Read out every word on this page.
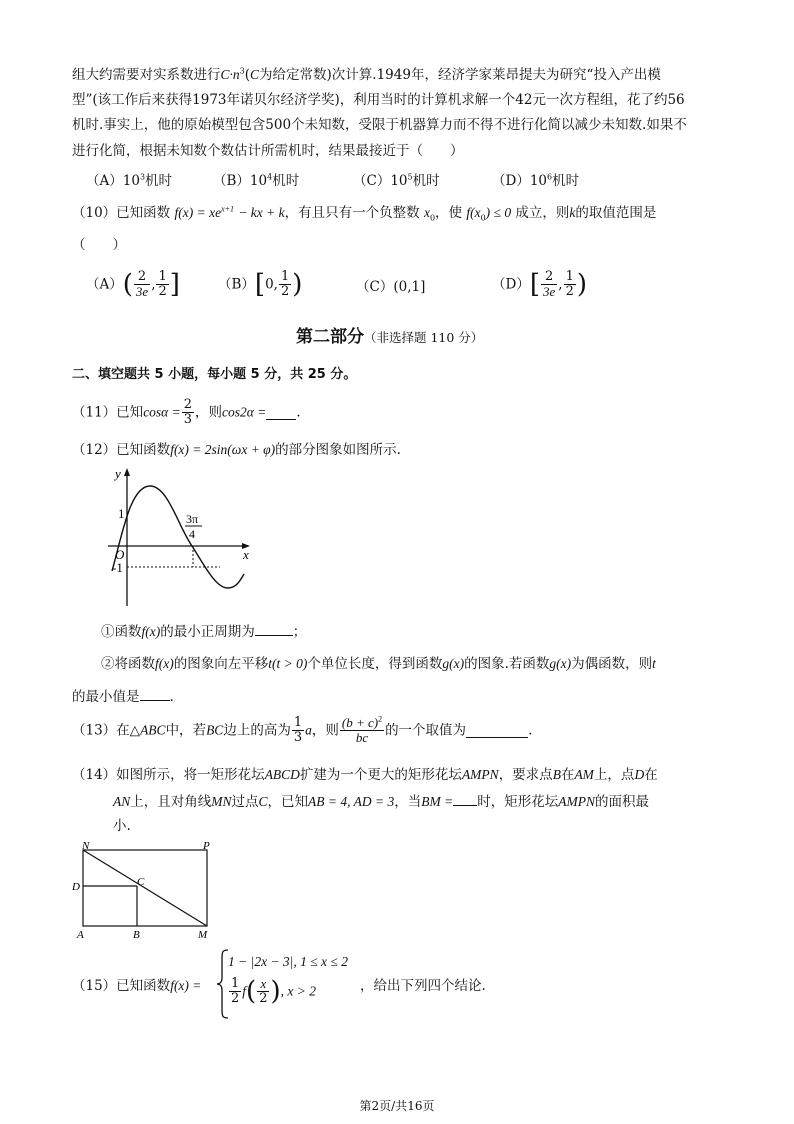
组大约需要对实系数进行$C\cdot n^3(C$为给定常数)次计算.1949年，经济学家莱昂提夫为研究“投入产出模
型”(该工作后来获得1973年诺贝尔经济学奖)，利用当时的计算机求解一个42元一次方程组，花了约56
机时.事实上，他的原始模型包含500个未知数，受限于机器算力而不得不进行化简以减少未知数.如果不
进行化简，根据未知数个数估计所需机时，结果最接近于（　　）
$(A)10^3$机时	$(B)10^4$机时	$(C)10^5$机时	$(D)10^6$机时
（10）已知函数 $f(x) = xe^{x+1}$ − kx + k，有且只有一个负整数 $x_0$，使 $f(x_0) \le 0$ 成立，则k的取值范围是
（　　）
$(A)( \frac{2}{3e}$ , $\frac{1}{2}$ ]	（B）[0, $\frac{1}{2}$ )	（C）(0,1]	$(D)[ \frac{2}{3e}$ , $\frac{1}{2}$ )
第二部分（非选择题 110 分）
二、填空题共 5 小题，每小题 5 分，共 25 分。
（11）已知$\cos\alpha = \frac{2}{3}$ ，则cos2α = .
（12）已知函数f(x) = 2sin(ωx + φ)的部分图象如图所示.
y
x
O
1
-1
3π
4
①函数f(x)的最小正周期为	；
②将函数f(x)的图象向左平移t(t > 0)个单位长度，得到函数g(x)的图象.若函数g(x)为偶函数，则t
的最小值是 .
（13）在△ABC中，若BC边上的高为 $\frac{1}{3}$ a，则 $\frac{(b + c)^2}{bc}$ 的一个取值为	.
（14）如图所示，将一矩形花坛ABCD扩建为一个更大的矩形花坛AMPN，要求点B在AM上，点D在
AN上，且对角线MN过点C，已知AB = 4, AD = 3，当BM = 时，矩形花坛AMPN的面积最
小.
N	P
D	C
A	B	M
（15）已知函数f(x) =
1 − |2x − 3|, 1 ≤ x ≤ 2
$\frac{1}{2} f( \frac{x}{2}$ ), x > 2	，给出下列四个结论.
第2页/共16页
